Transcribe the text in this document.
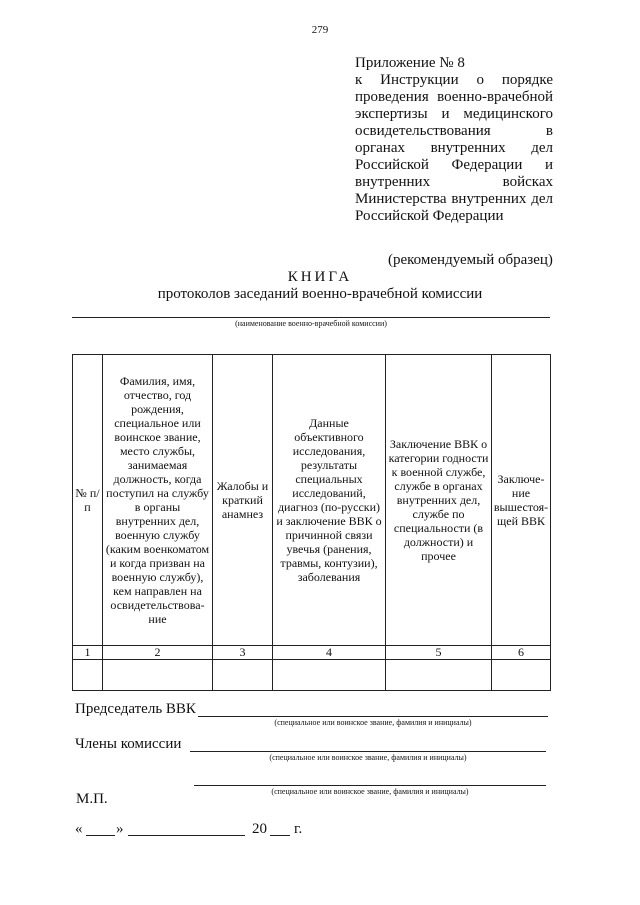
279
Приложение № 8
к Инструкции о порядке
проведения военно-врачебной
экспертизы и медицинского
освидетельствования в
органах внутренних дел
Российской Федерации и
внутренних войсках
Министерства внутренних дел
Российской Федерации
(рекомендуемый образец)
КНИГА
протоколов заседаний военно-врачебной комиссии
(наименование военно-врачебной комиссии)
№ п/п	Фамилия, имя, отчество, год рождения, специальное или воинское звание, место службы, занимаемая должность, когда поступил на службу в органы внутренних дел, военную службу (каким военкоматом и когда призван на военную службу), кем направлен на освидетельствова-ние	Жалобы и краткий анамнез	Данные объективного исследования, результаты специальных исследований, диагноз (по-русски) и заключение ВВК о причинной связи увечья (ранения, травмы, контузии), заболевания	Заключение ВВК о категории годности к военной службе, службе в органах внутренних дел, службе по специальности (в должности) и прочее	Заключе-ние вышестоя-щей ВВК
1	2	3	4	5	6

Председатель ВВК
(специальное или воинское звание, фамилия и инициалы)
Члены комиссии
(специальное или воинское звание, фамилия и инициалы)
(специальное или воинское звание, фамилия и инициалы)
М.П.
« »	20 г.
